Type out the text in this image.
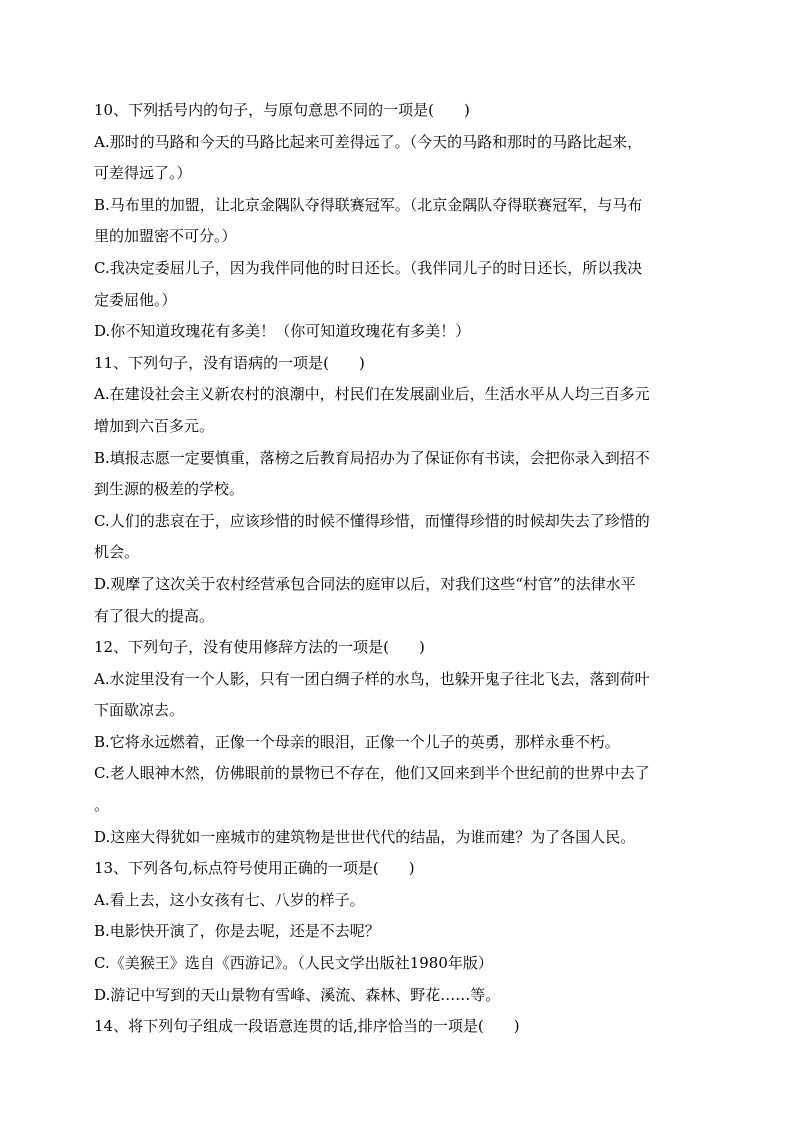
10、下列括号内的句子，与原句意思不同的一项是(　　)
A.那时的马路和今天的马路比起来可差得远了。（今天的马路和那时的马路比起来，
可差得远了。）
B.马布里的加盟，让北京金隅队夺得联赛冠军。（北京金隅队夺得联赛冠军，与马布
里的加盟密不可分。）
C.我决定委屈儿子，因为我伴同他的时日还长。（我伴同儿子的时日还长，所以我决
定委屈他。）
D.你不知道玫瑰花有多美！（你可知道玫瑰花有多美！）
11、下列句子，没有语病的一项是(　　)
A.在建设社会主义新农村的浪潮中，村民们在发展副业后，生活水平从人均三百多元
增加到六百多元。
B.填报志愿一定要慎重，落榜之后教育局招办为了保证你有书读，会把你录入到招不
到生源的极差的学校。
C.人们的悲哀在于，应该珍惜的时候不懂得珍惜，而懂得珍惜的时候却失去了珍惜的
机会。
D.观摩了这次关于农村经营承包合同法的庭审以后，对我们这些“村官”的法律水平
有了很大的提高。
12、下列句子，没有使用修辞方法的一项是(　　)
A.水淀里没有一个人影，只有一团白绸子样的水鸟，也躲开鬼子往北飞去，落到荷叶
下面歇凉去。
B.它将永远燃着，正像一个母亲的眼泪，正像一个儿子的英勇，那样永垂不朽。
C.老人眼神木然，仿佛眼前的景物已不存在，他们又回来到半个世纪前的世界中去了
。
D.这座大得犹如一座城市的建筑物是世世代代的结晶，为谁而建？为了各国人民。
13、下列各句,标点符号使用正确的一项是(　　)
A.看上去，这小女孩有七、八岁的样子。
B.电影快开演了，你是去呢，还是不去呢？
C.《美猴王》选自《西游记》。（人民文学出版社1980年版）
D.游记中写到的天山景物有雪峰、溪流、森林、野花……等。
14、将下列句子组成一段语意连贯的话,排序恰当的一项是(　　)
